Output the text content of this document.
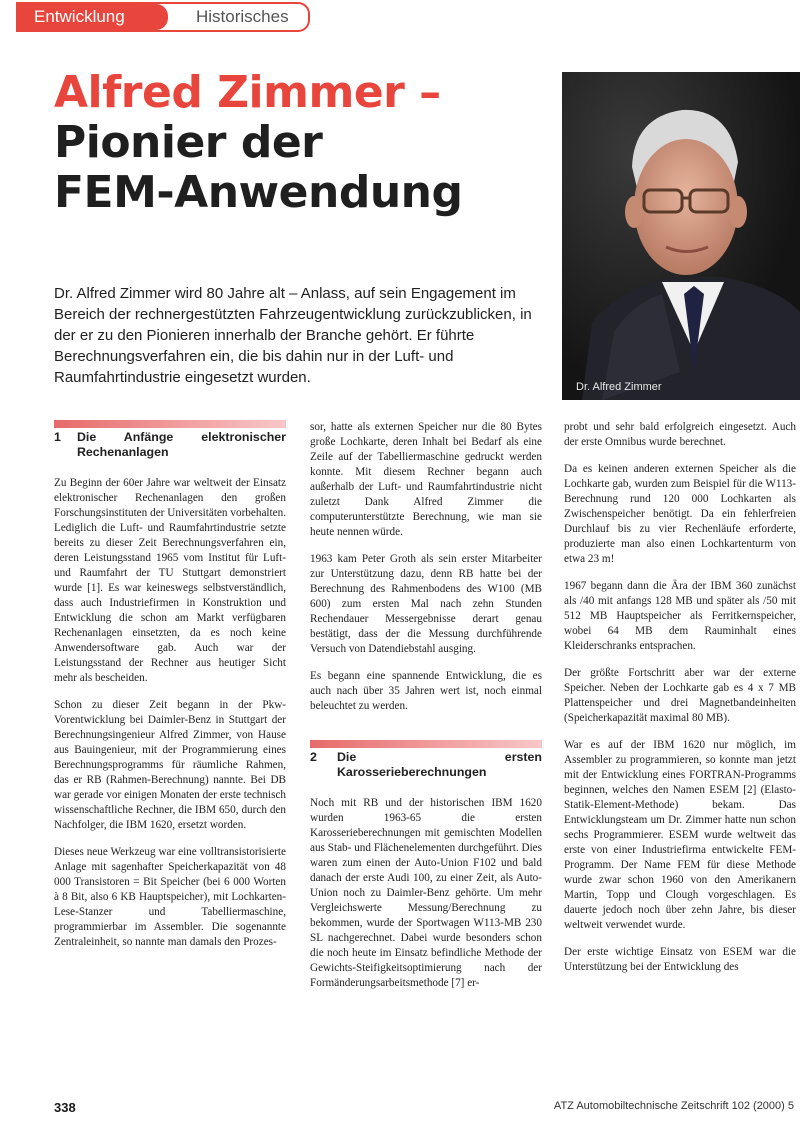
Entwicklung	Historisches
Alfred Zimmer –
Pionier der
FEM-Anwendung
Dr. Alfred Zimmer

Dr. Alfred Zimmer wird 80 Jahre alt – Anlass, auf sein Engagement im Bereich der rechnergestützten Fahrzeugentwicklung zurückzublicken, in der er zu den Pionieren innerhalb der Branche gehört. Er führte Berechnungsverfahren ein, die bis dahin nur in der Luft- und Raumfahrtindustrie eingesetzt wurden.

1	Die Anfänge elektronischer Rechenanlagen

Zu Beginn der 60er Jahre war weltweit der Einsatz elektronischer Rechenanlagen den großen Forschungsinstituten der Universitäten vorbehalten. Lediglich die Luft- und Raumfahrtindustrie setzte bereits zu dieser Zeit Berechnungsverfahren ein, deren Leistungsstand 1965 vom Institut für Luft- und Raumfahrt der TU Stuttgart demonstriert wurde [1]. Es war keineswegs selbstverständlich, dass auch Industriefirmen in Konstruktion und Entwicklung die schon am Markt verfügbaren Rechenanlagen einsetzten, da es noch keine Anwendersoftware gab. Auch war der Leistungsstand der Rechner aus heutiger Sicht mehr als bescheiden.

Schon zu dieser Zeit begann in der Pkw-Vorentwicklung bei Daimler-Benz in Stuttgart der Berechnungsingenieur Alfred Zimmer, von Hause aus Bauingenieur, mit der Programmierung eines Berechnungsprogramms für räumliche Rahmen, das er RB (Rahmen-Berechnung) nannte. Bei DB war gerade vor einigen Monaten der erste technisch wissenschaftliche Rechner, die IBM 650, durch den Nachfolger, die IBM 1620, ersetzt worden.

Dieses neue Werkzeug war eine volltransistorisierte Anlage mit sagenhafter Speicherkapazität von 48 000 Transistoren = Bit Speicher (bei 6 000 Worten à 8 Bit, also 6 KB Hauptspeicher), mit Lochkarten-Lese-Stanzer und Tabelliermaschine, programmierbar im Assembler. Die sogenannte Zentraleinheit, so nannte man damals den Prozes-

sor, hatte als externen Speicher nur die 80 Bytes große Lochkarte, deren Inhalt bei Bedarf als eine Zeile auf der Tabelliermaschine gedruckt werden konnte. Mit diesem Rechner begann auch außerhalb der Luft- und Raumfahrtindustrie nicht zuletzt Dank Alfred Zimmer die computerunterstützte Berechnung, wie man sie heute nennen würde.

1963 kam Peter Groth als sein erster Mitarbeiter zur Unterstützung dazu, denn RB hatte bei der Berechnung des Rahmenbodens des W100 (MB 600) zum ersten Mal nach zehn Stunden Rechendauer Messergebnisse derart genau bestätigt, dass der die Messung durchführende Versuch von Datendiebstahl ausging.

Es begann eine spannende Entwicklung, die es auch nach über 35 Jahren wert ist, noch einmal beleuchtet zu werden.

2	Die ersten Karosserieberechnungen

Noch mit RB und der historischen IBM 1620 wurden 1963-65 die ersten Karosserieberechnungen mit gemischten Modellen aus Stab- und Flächenelementen durchgeführt. Dies waren zum einen der Auto-Union F102 und bald danach der erste Audi 100, zu einer Zeit, als Auto-Union noch zu Daimler-Benz gehörte. Um mehr Vergleichswerte Messung/Berechnung zu bekommen, wurde der Sportwagen W113-MB 230 SL nachgerechnet. Dabei wurde besonders schon die noch heute im Einsatz befindliche Methode der Gewichts-Steifigkeitsoptimierung nach der Formänderungsarbeitsmethode [7] er-

probt und sehr bald erfolgreich eingesetzt. Auch der erste Omnibus wurde berechnet.

Da es keinen anderen externen Speicher als die Lochkarte gab, wurden zum Beispiel für die W113-Berechnung rund 120 000 Lochkarten als Zwischenspeicher benötigt. Da ein fehlerfreien Durchlauf bis zu vier Rechenläufe erforderte, produzierte man also einen Lochkartenturm von etwa 23 m!

1967 begann dann die Ära der IBM 360 zunächst als /40 mit anfangs 128 MB und später als /50 mit 512 MB Hauptspeicher als Ferritkernspeicher, wobei 64 MB dem Rauminhalt eines Kleiderschranks entsprachen.

Der größte Fortschritt aber war der externe Speicher. Neben der Lochkarte gab es 4 x 7 MB Plattenspeicher und drei Magnetbandeinheiten (Speicherkapazität maximal 80 MB).

War es auf der IBM 1620 nur möglich, im Assembler zu programmieren, so konnte man jetzt mit der Entwicklung eines FORTRAN-Programms beginnen, welches den Namen ESEM [2] (Elasto-Statik-Element-Methode) bekam. Das Entwicklungsteam um Dr. Zimmer hatte nun schon sechs Programmierer. ESEM wurde weltweit das erste von einer Industriefirma entwickelte FEM-Programm. Der Name FEM für diese Methode wurde zwar schon 1960 von den Amerikanern Martin, Topp und Clough vorgeschlagen. Es dauerte jedoch noch über zehn Jahre, bis dieser weltweit verwendet wurde.

Der erste wichtige Einsatz von ESEM war die Unterstützung bei der Entwicklung des

338	ATZ Automobiltechnische Zeitschrift 102 (2000) 5
